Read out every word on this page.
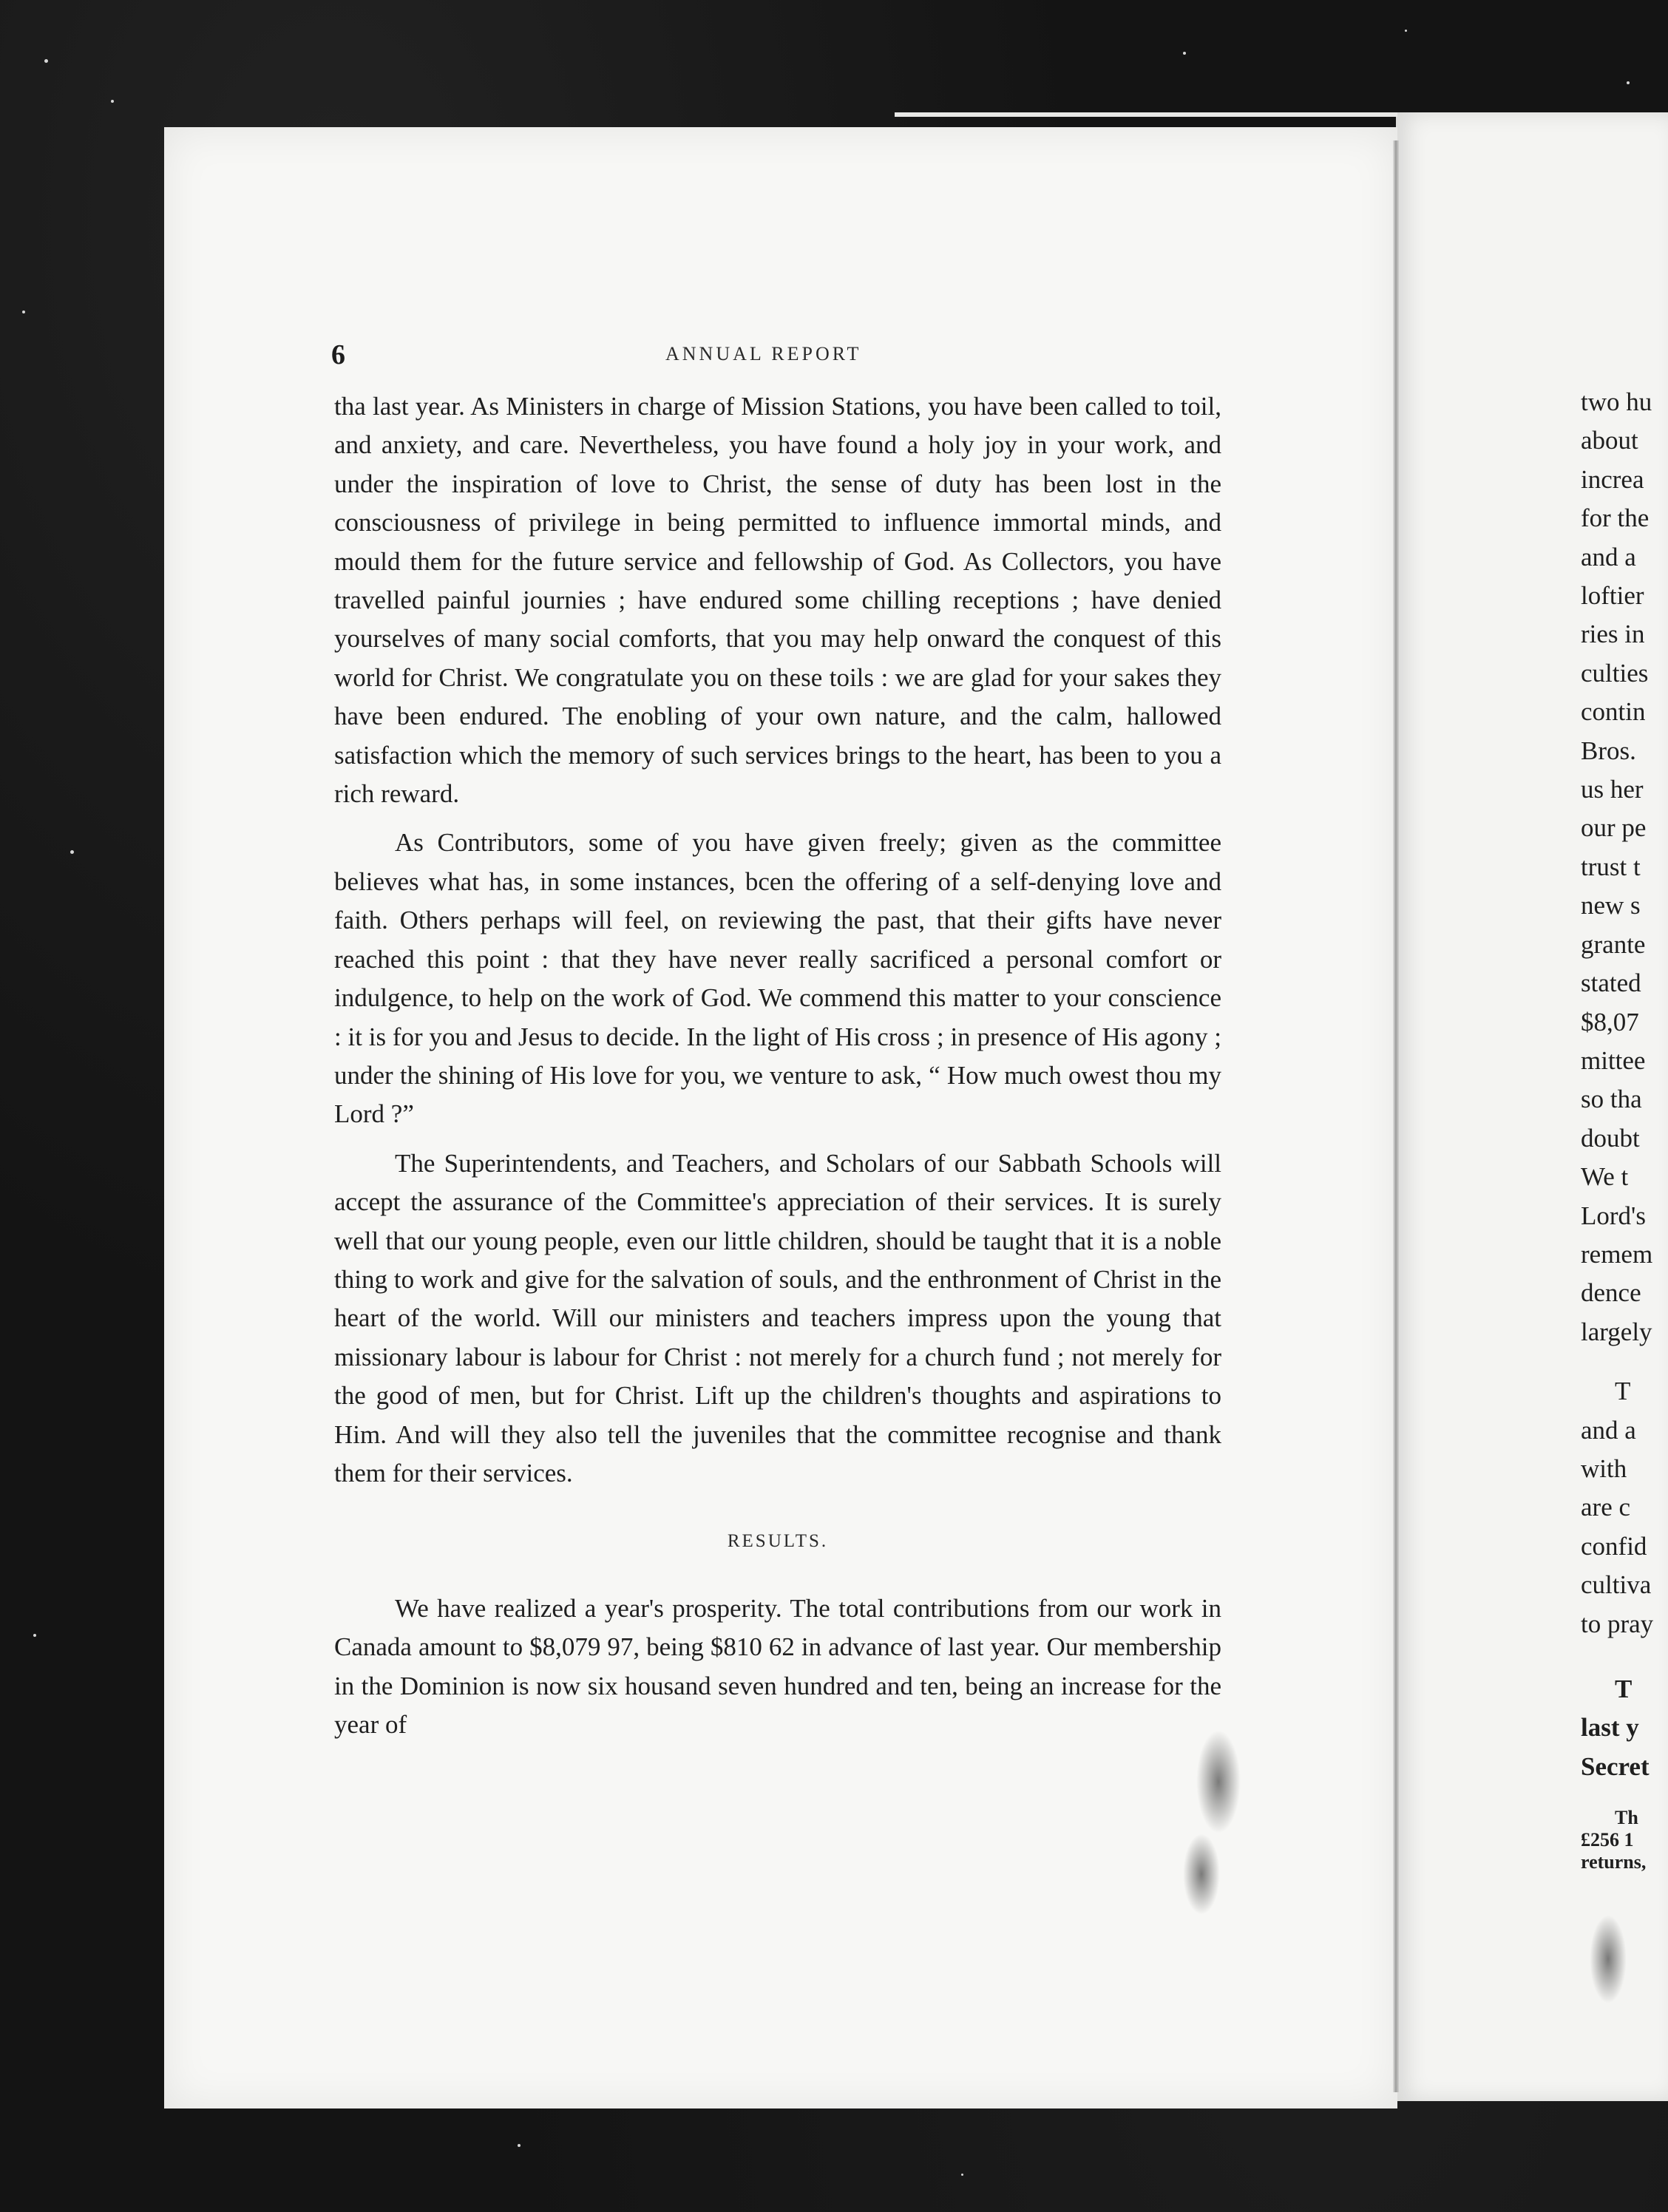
6	ANNUAL REPORT

tha last year. As Ministers in charge of Mission Stations, you have been called to toil, and anxiety, and care. Nevertheless, you have found a holy joy in your work, and under the inspiration of love to Christ, the sense of duty has been lost in the consciousness of privilege in being permitted to influence immortal minds, and mould them for the future service and fellowship of God. As Collectors, you have travelled painful journies ; have endured some chilling receptions ; have denied yourselves of many social comforts, that you may help onward the conquest of this world for Christ. We congratulate you on these toils : we are glad for your sakes they have been endured. The enobling of your own nature, and the calm, hallowed satisfaction which the memory of such services brings to the heart, has been to you a rich reward.

As Contributors, some of you have given freely; given as the committee believes what has, in some instances, bcen the offering of a self-denying love and faith. Others perhaps will feel, on reviewing the past, that their gifts have never reached this point : that they have never really sacrificed a personal comfort or indulgence, to help on the work of God. We commend this matter to your conscience : it is for you and Jesus to decide. In the light of His cross ; in presence of His agony ; under the shining of His love for you, we venture to ask, “ How much owest thou my Lord ?”

The Superintendents, and Teachers, and Scholars of our Sabbath Schools will accept the assurance of the Committee's appreciation of their services. It is surely well that our young people, even our little children, should be taught that it is a noble thing to work and give for the salvation of souls, and the enthronment of Christ in the heart of the world. Will our ministers and teachers impress upon the young that missionary labour is labour for Christ : not merely for a church fund ; not merely for the good of men, but for Christ. Lift up the children's thoughts and aspirations to Him. And will they also tell the juveniles that the committee recognise and thank them for their services.

RESULTS.

We have realized a year's prosperity. The total contributions from our work in Canada amount to $8,079 97, being $810 62 in advance of last year. Our membership in the Dominion is now six housand seven hundred and ten, being an increase for the year of

two hu
about
increa
for the
and a
loftier
ries in
culties
contin
Bros.
us her
our pe
trust t
new s
grante
stated
$8,07
mittee
so tha
doubt
We t
Lord's
remem
dence
largely
T
and a
with
are c
confid
cultiva
to pray
T
last y
Secret
Th
£256 1
returns,
